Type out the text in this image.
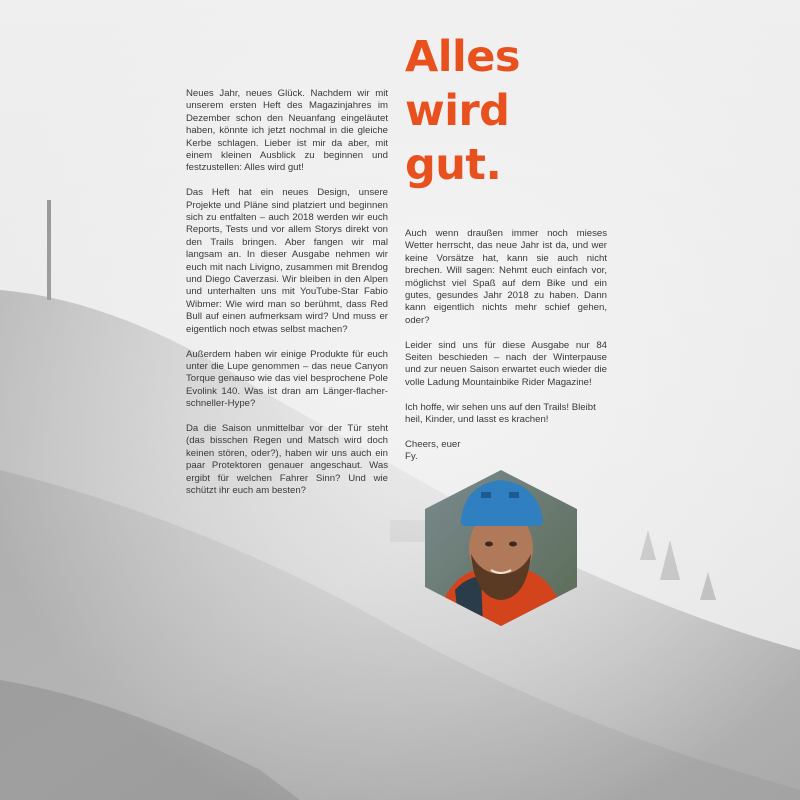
Alles
wird
gut.

Neues Jahr, neues Glück. Nachdem wir mit unserem ersten Heft des Magazinjahres im Dezember schon den Neuanfang eingeläutet haben, könnte ich jetzt nochmal in die gleiche Kerbe schlagen. Lieber ist mir da aber, mit einem kleinen Ausblick zu beginnen und festzustellen: Alles wird gut!

Das Heft hat ein neues Design, unsere Projekte und Pläne sind platziert und beginnen sich zu entfalten – auch 2018 werden wir euch Reports, Tests und vor allem Storys direkt von den Trails bringen. Aber fangen wir mal langsam an. In dieser Ausgabe nehmen wir euch mit nach Livigno, zusammen mit Brendog und Diego Caverzasi. Wir bleiben in den Alpen und unterhalten uns mit YouTube-Star Fabio Wibmer: Wie wird man so berühmt, dass Red Bull auf einen aufmerksam wird? Und muss er eigentlich noch etwas selbst machen?

Außerdem haben wir einige Produkte für euch unter die Lupe genommen – das neue Canyon Torque genauso wie das viel besprochene Pole Evolink 140. Was ist dran am Länger-flacher-schneller-Hype?

Da die Saison unmittelbar vor der Tür steht (das bisschen Regen und Matsch wird doch keinen stören, oder?), haben wir uns auch ein paar Protektoren genauer angeschaut. Was ergibt für welchen Fahrer Sinn? Und wie schützt ihr euch am besten?

Auch wenn draußen immer noch mieses Wetter herrscht, das neue Jahr ist da, und wer keine Vorsätze hat, kann sie auch nicht brechen. Will sagen: Nehmt euch einfach vor, möglichst viel Spaß auf dem Bike und ein gutes, gesundes Jahr 2018 zu haben. Dann kann eigentlich nichts mehr schief gehen, oder?

Leider sind uns für diese Ausgabe nur 84 Seiten beschieden – nach der Winterpause und zur neuen Saison erwartet euch wieder die volle Ladung Mountainbike Rider Magazine!

Ich hoffe, wir sehen uns auf den Trails! Bleibt heil, Kinder, und lasst es krachen!

Cheers, euer
Fy.
